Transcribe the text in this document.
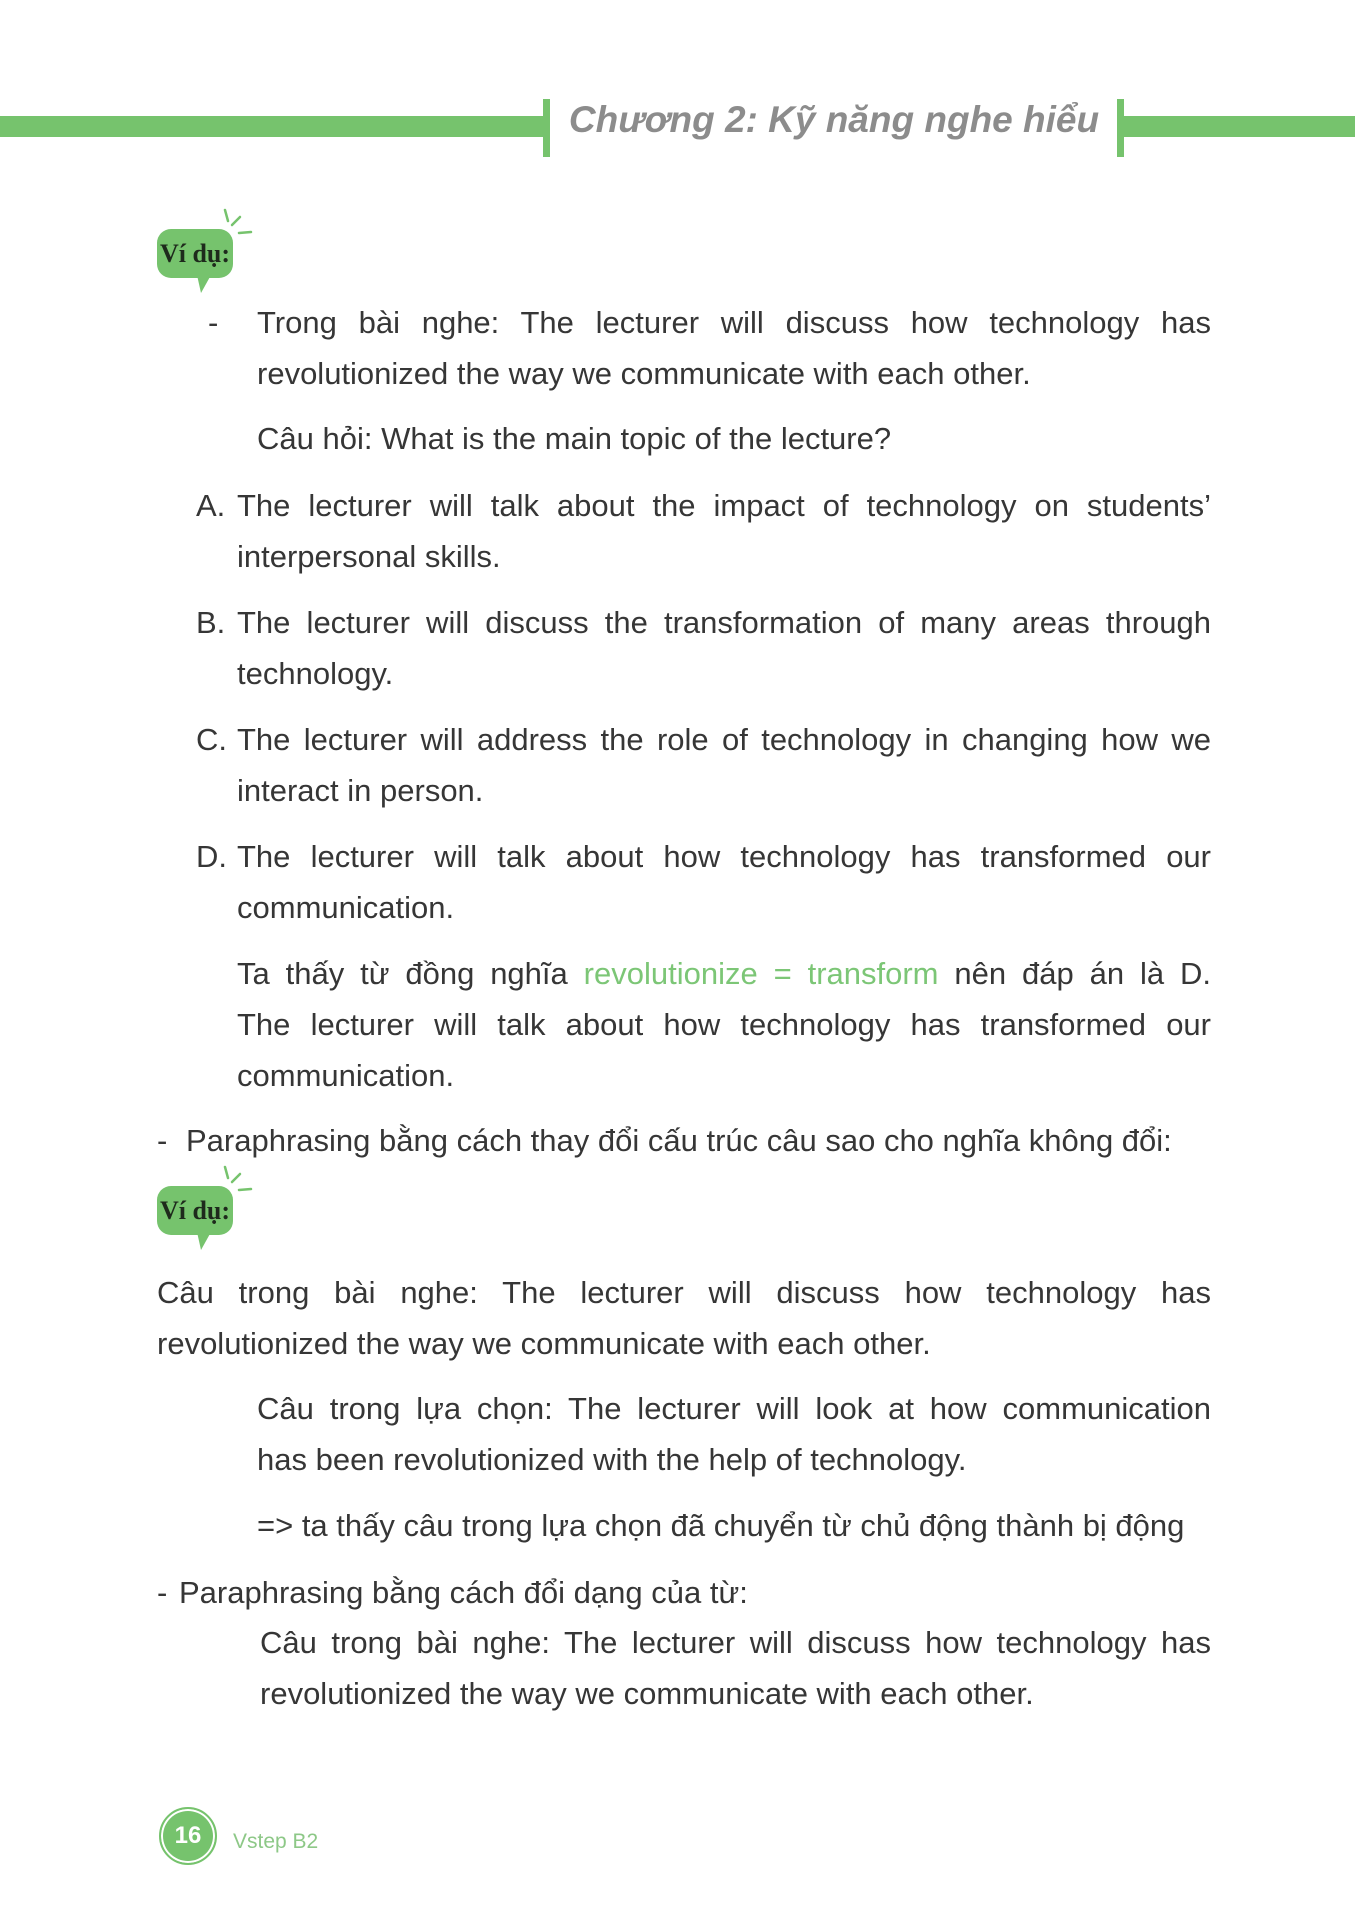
Chương 2: Kỹ năng nghe hiểu
Ví dụ:
- Trong bài nghe: The lecturer will discuss how technology has
revolutionized the way we communicate with each other.
Câu hỏi: What is the main topic of the lecture?
A. The lecturer will talk about the impact of technology on students’
interpersonal skills.
B. The lecturer will discuss the transformation of many areas through
technology.
C. The lecturer will address the role of technology in changing how we
interact in person.
D. The lecturer will talk about how technology has transformed our
communication.
Ta thấy từ đồng nghĩa revolutionize = transform nên đáp án là D.
The lecturer will talk about how technology has transformed our
communication.
- Paraphrasing bằng cách thay đổi cấu trúc câu sao cho nghĩa không đổi:
Ví dụ:
Câu trong bài nghe: The lecturer will discuss how technology has
revolutionized the way we communicate with each other.
Câu trong lựa chọn: The lecturer will look at how communication
has been revolutionized with the help of technology.
=> ta thấy câu trong lựa chọn đã chuyển từ chủ động thành bị động
- Paraphrasing bằng cách đổi dạng của từ:
Câu trong bài nghe: The lecturer will discuss how technology has
revolutionized the way we communicate with each other.
16	Vstep B2
